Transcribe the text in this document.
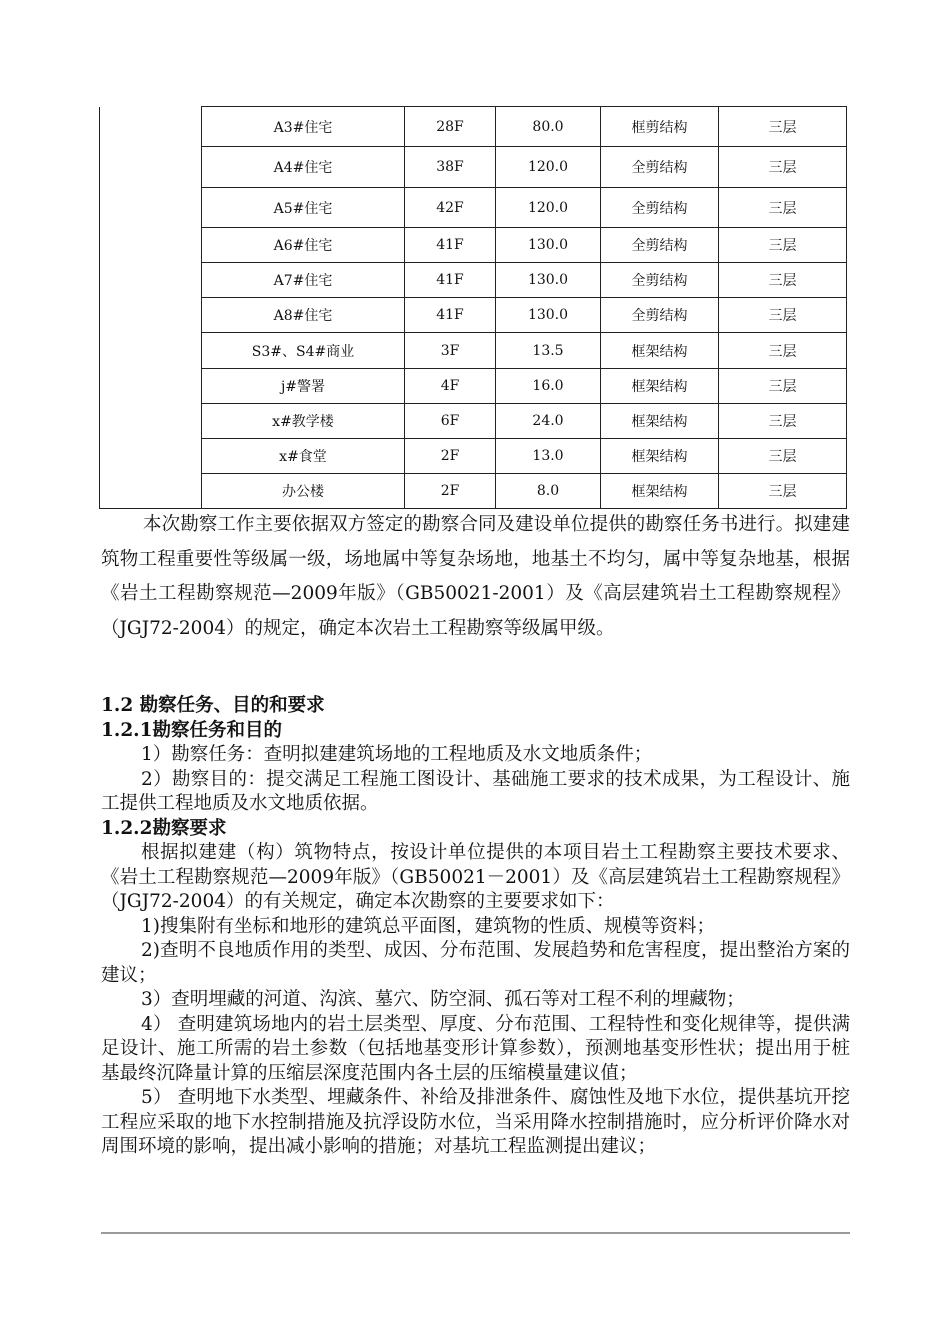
	A3#住宅	28F	80.0	框剪结构	三层
	A4#住宅	38F	120.0	全剪结构	三层
	A5#住宅	42F	120.0	全剪结构	三层
	A6#住宅	41F	130.0	全剪结构	三层
	A7#住宅	41F	130.0	全剪结构	三层
	A8#住宅	41F	130.0	全剪结构	三层
	S3#、S4#商业	3F	13.5	框架结构	三层
	j#警署	4F	16.0	框架结构	三层
	x#教学楼	6F	24.0	框架结构	三层
	x#食堂	2F	13.0	框架结构	三层
	办公楼	2F	8.0	框架结构	三层

本次勘察工作主要依据双方签定的勘察合同及建设单位提供的勘察任务书进行。拟建建筑物工程重要性等级属一级，场地属中等复杂场地，地基土不均匀，属中等复杂地基，根据《岩土工程勘察规范—2009年版》（GB50021-2001）及《高层建筑岩土工程勘察规程》（JGJ72-2004）的规定，确定本次岩土工程勘察等级属甲级。

1.2 勘察任务、目的和要求

1.2.1勘察任务和目的

1）勘察任务：查明拟建建筑场地的工程地质及水文地质条件；

2）勘察目的：提交满足工程施工图设计、基础施工要求的技术成果，为工程设计、施工提供工程地质及水文地质依据。

1.2.2勘察要求

根据拟建建（构）筑物特点，按设计单位提供的本项目岩土工程勘察主要技术要求、《岩土工程勘察规范—2009年版》（GB50021－2001）及《高层建筑岩土工程勘察规程》（JGJ72-2004）的有关规定，确定本次勘察的主要要求如下：

1)搜集附有坐标和地形的建筑总平面图，建筑物的性质、规模等资料；

2)查明不良地质作用的类型、成因、分布范围、发展趋势和危害程度，提出整治方案的建议；

3）查明埋藏的河道、沟滨、墓穴、防空洞、孤石等对工程不利的埋藏物；

4） 查明建筑场地内的岩土层类型、厚度、分布范围、工程特性和变化规律等，提供满足设计、施工所需的岩土参数（包括地基变形计算参数），预测地基变形性状；提出用于桩基最终沉降量计算的压缩层深度范围内各土层的压缩模量建议值；

5） 查明地下水类型、埋藏条件、补给及排泄条件、腐蚀性及地下水位，提供基坑开挖工程应采取的地下水控制措施及抗浮设防水位，当采用降水控制措施时，应分析评价降水对周围环境的影响，提出减小影响的措施；对基坑工程监测提出建议；
